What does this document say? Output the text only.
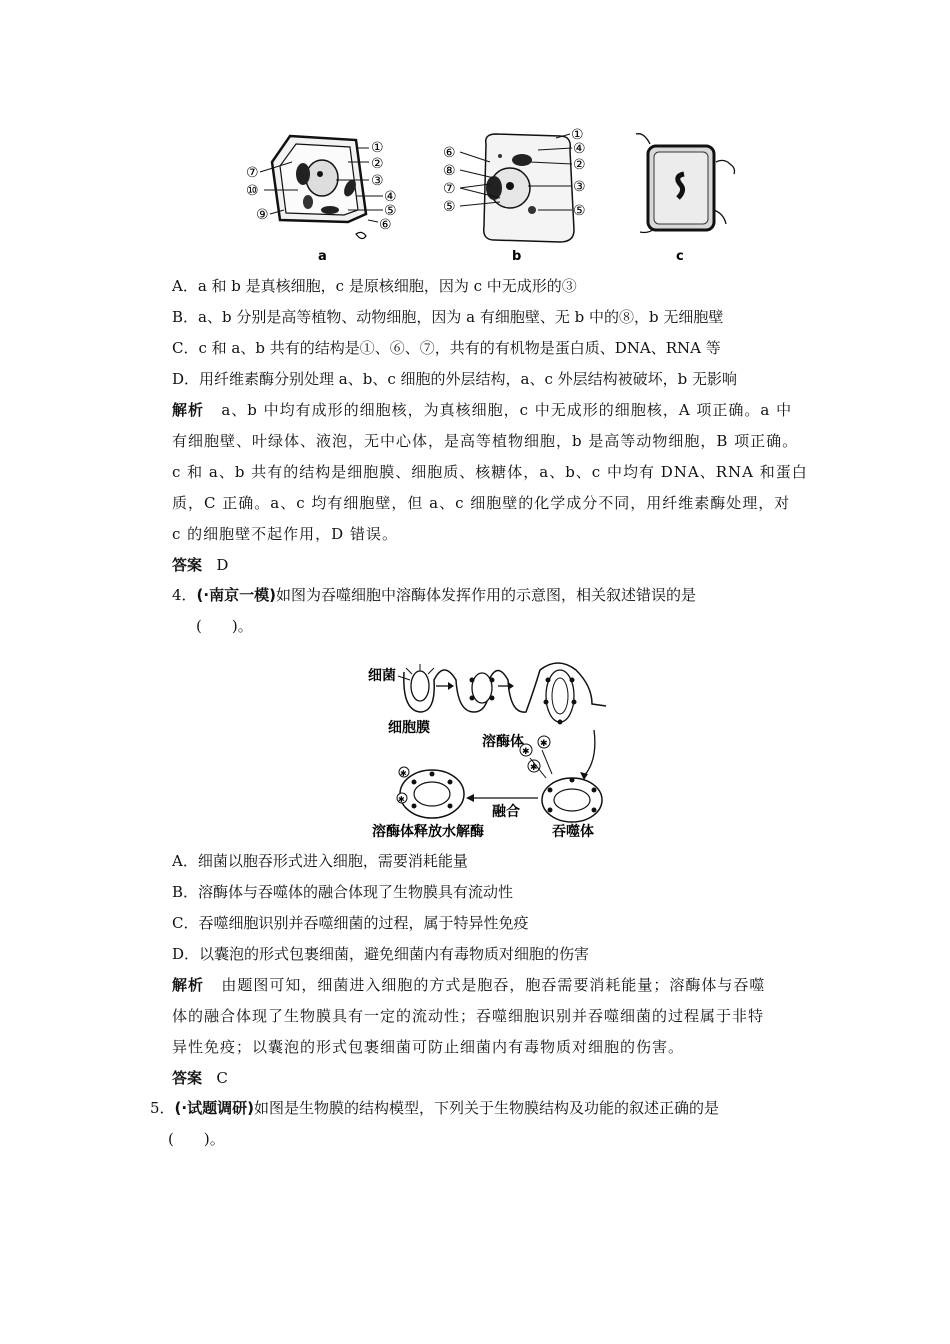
①
②
③
④
⑤
⑥
⑦
⑩
⑨
a
①
④
②
③
⑤
⑥
⑧
⑦
⑤
b	c
A．a 和 b 是真核细胞，c 是原核细胞，因为 c 中无成形的③
B．a、b 分别是高等植物、动物细胞，因为 a 有细胞壁、无 b 中的⑧，b 无细胞壁
C．c 和 a、b 共有的结构是①、⑥、⑦，共有的有机物是蛋白质、DNA、RNA 等
D．用纤维素酶分别处理 a、b、c 细胞的外层结构，a、c 外层结构被破坏，b 无影响
解析 a、b 中均有成形的细胞核，为真核细胞，c 中无成形的细胞核，A 项正确。a 中
有细胞壁、叶绿体、液泡，无中心体，是高等植物细胞，b 是高等动物细胞，B 项正确。
c 和 a、b 共有的结构是细胞膜、细胞质、核糖体，a、b、c 中均有 DNA、RNA 和蛋白
质，C 正确。a、c 均有细胞壁，但 a、c 细胞壁的化学成分不同，用纤维素酶处理，对
c 的细胞壁不起作用，D 错误。
答案 D
4．(·南京一模)如图为吞噬细胞中溶酶体发挥作用的示意图，相关叙述错误的是
(　　)。
✱
✱
✱
✱
✱
细菌
细胞膜
溶酶体
融合
吞噬体
溶酶体释放水解酶
A．细菌以胞吞形式进入细胞，需要消耗能量
B．溶酶体与吞噬体的融合体现了生物膜具有流动性
C．吞噬细胞识别并吞噬细菌的过程，属于特异性免疫
D．以囊泡的形式包裹细菌，避免细菌内有毒物质对细胞的伤害
解析 由题图可知，细菌进入细胞的方式是胞吞，胞吞需要消耗能量；溶酶体与吞噬
体的融合体现了生物膜具有一定的流动性；吞噬细胞识别并吞噬细菌的过程属于非特
异性免疫；以囊泡的形式包裹细菌可防止细菌内有毒物质对细胞的伤害。
答案 C
5．(·试题调研)如图是生物膜的结构模型，下列关于生物膜结构及功能的叙述正确的是
(　　)。
